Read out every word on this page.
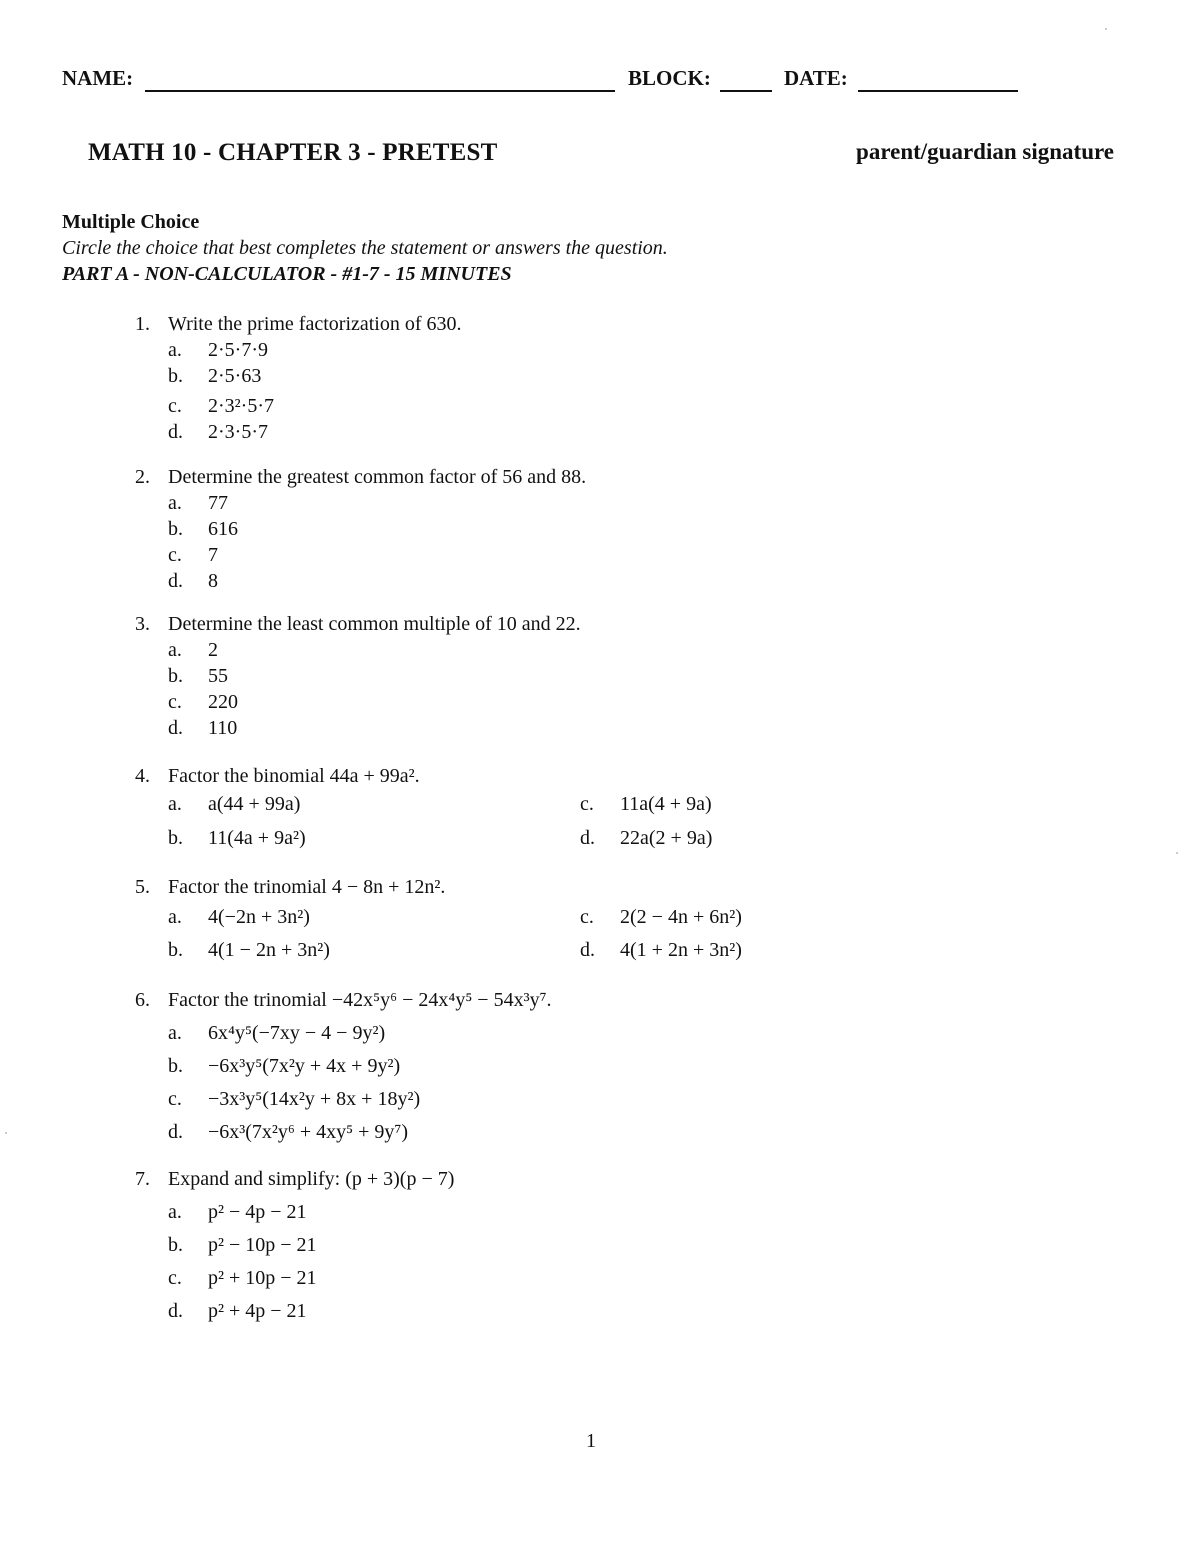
NAME:	BLOCK:	DATE:
MATH 10 - CHAPTER 3 - PRETEST	parent/guardian signature
Multiple Choice
Circle the choice that best completes the statement or answers the question.
PART A - NON-CALCULATOR - #1-7 - 15 MINUTES
1. Write the prime factorization of 630.
a.	2·5·7·9
b.	2·5·63
c.	2·3²·5·7
d.	2·3·5·7
2. Determine the greatest common factor of 56 and 88.
a.	77
b.	616
c.	7
d.	8
3. Determine the least common multiple of 10 and 22.
a.	2
b.	55
c.	220
d.	110
4. Factor the binomial 44a + 99a².
a.	a(44 + 99a)
b.	11(4a + 9a²)
c.	11a(4 + 9a)
d.	22a(2 + 9a)
5. Factor the trinomial 4 − 8n + 12n².
a.	4(−2n + 3n²)
b.	4(1 − 2n + 3n²)
c.	2(2 − 4n + 6n²)
d.	4(1 + 2n + 3n²)
6. Factor the trinomial −42x⁵y⁶ − 24x⁴y⁵ − 54x³y⁷.
a.	6x⁴y⁵(−7xy − 4 − 9y²)
b.	−6x³y⁵(7x²y + 4x + 9y²)
c.	−3x³y⁵(14x²y + 8x + 18y²)
d.	−6x³(7x²y⁶ + 4xy⁵ + 9y⁷)
7. Expand and simplify: (p + 3)(p − 7)
a.	p² − 4p − 21
b.	p² − 10p − 21
c.	p² + 10p − 21
d.	p² + 4p − 21
1
